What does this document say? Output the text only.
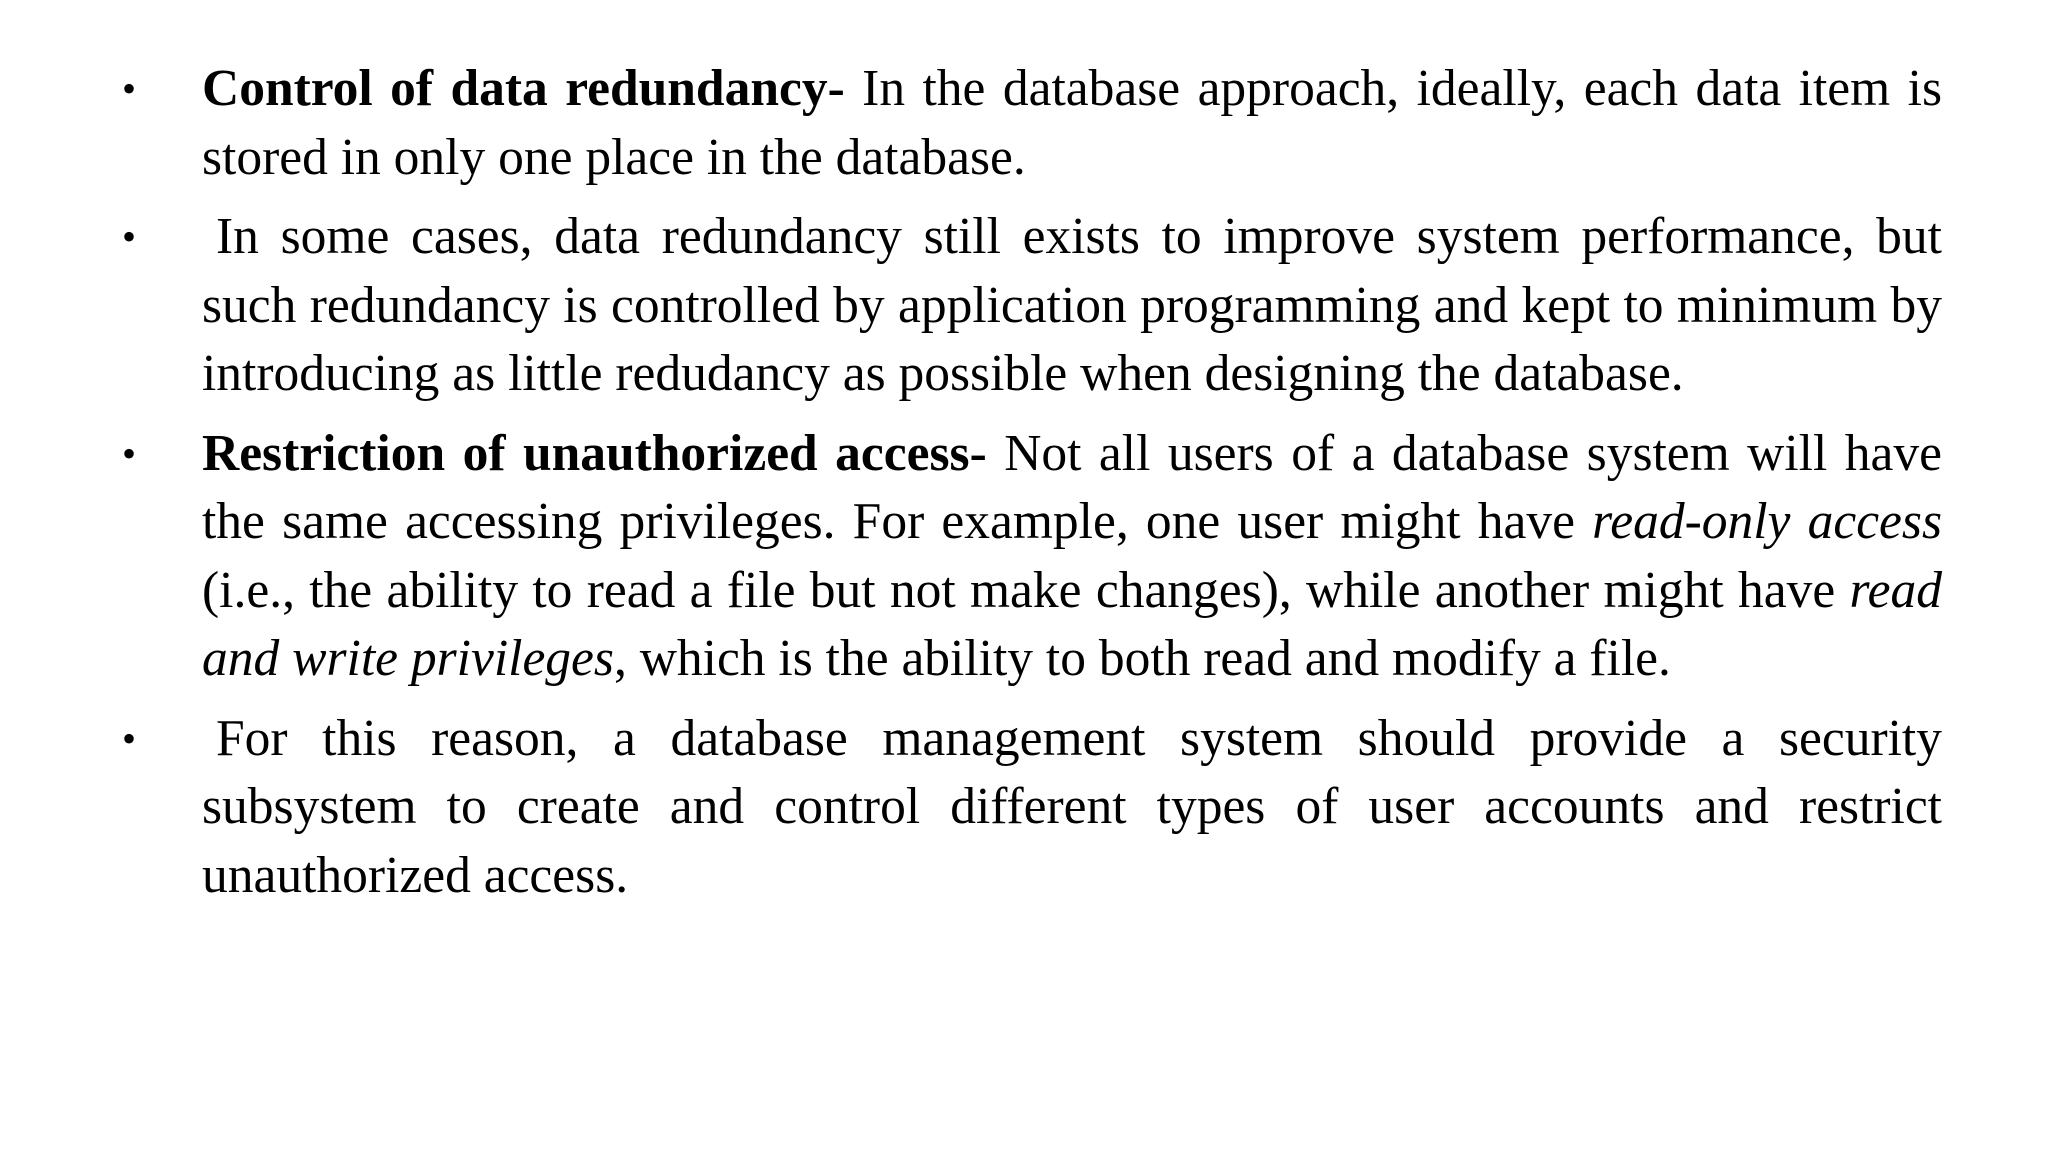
• Control of data redundancy- In the database approach, ideally, each data item is stored in only one place in the database.
• In some cases, data redundancy still exists to improve system performance, but such redundancy is controlled by application programming and kept to minimum by introducing as little redudancy as possible when designing the database.
• Restriction of unauthorized access- Not all users of a database system will have the same accessing privileges. For example, one user might have read-only access (i.e., the ability to read a file but not make changes), while another might have read and write privileges, which is the ability to both read and modify a file.
• For this reason, a database management system should provide a security subsystem to create and control different types of user accounts and restrict unauthorized access.
